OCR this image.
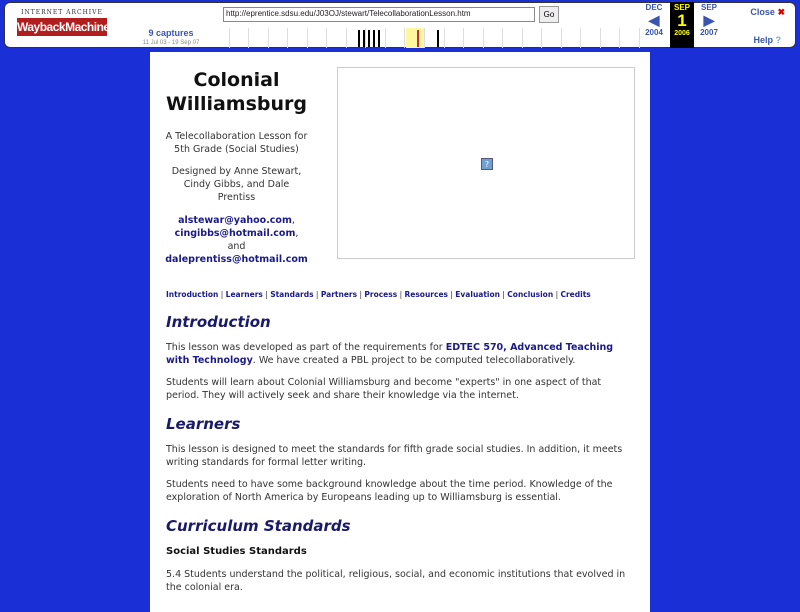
INTERNET ARCHIVE
WaybackMachine
http://eprentice.sdsu.edu/J03OJ/stewart/TelecollaborationLesson.htm	Go
9 captures
11 Jul 03 - 19 Sep 07
DEC
◀
2004
SEP
1
2006
SEP
▶
2007
Close ✖
Help ?
Colonial Williamsburg

A Telecollaboration Lesson for 5th Grade (Social Studies)

Designed by Anne Stewart, Cindy Gibbs, and Dale Prentiss

alstewar@yahoo.com,
cingibbs@hotmail.com,
and
daleprentiss@hotmail.com

?
Introduction | Learners | Standards | Partners | Process | Resources | Evaluation | Conclusion | Credits
Introduction

This lesson was developed as part of the requirements for EDTEC 570, Advanced Teaching with Technology. We have created a PBL project to be computed telecollaboratively.

Students will learn about Colonial Williamsburg and become "experts" in one aspect of that period. They will actively seek and share their knowledge via the internet.

Learners

This lesson is designed to meet the standards for fifth grade social studies. In addition, it meets writing standards for formal letter writing.

Students need to have some background knowledge about the time period. Knowledge of the exploration of North America by Europeans leading up to Williamsburg is essential.

Curriculum Standards
Social Studies Standards

5.4 Students understand the political, religious, social, and economic institutions that evolved in the colonial era.
